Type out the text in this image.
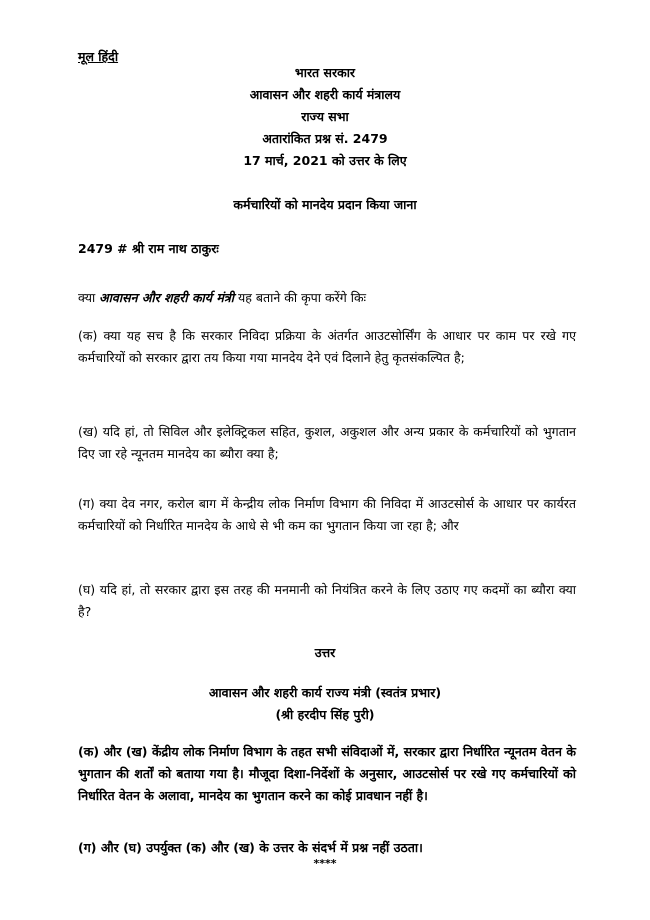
मूल हिंदी
भारत सरकार
आवासन और शहरी कार्य मंत्रालय
राज्य सभा
अतारांकित प्रश्न सं. 2479
17 मार्च, 2021 को उत्तर के लिए
कर्मचारियों को मानदेय प्रदान किया जाना
2479 # श्री राम नाथ ठाकुरः
क्या आवासन और शहरी कार्य मंत्री यह बताने की कृपा करेंगे किः
(क) क्या यह सच है कि सरकार निविदा प्रक्रिया के अंतर्गत आउटसोर्सिंग के आधार पर काम पर रखे गए कर्मचारियों को सरकार द्वारा तय किया गया मानदेय देने एवं दिलाने हेतु कृतसंकल्पित है;
(ख) यदि हां, तो सिविल और इलेक्ट्रिकल सहित, कुशल, अकुशल और अन्य प्रकार के कर्मचारियों को भुगतान दिए जा रहे न्यूनतम मानदेय का ब्यौरा क्या है;
(ग) क्या देव नगर, करोल बाग में केन्द्रीय लोक निर्माण विभाग की निविदा में आउटसोर्स के आधार पर कार्यरत कर्मचारियों को निर्धारित मानदेय के आधे से भी कम का भुगतान किया जा रहा है; और
(घ) यदि हां, तो सरकार द्वारा इस तरह की मनमानी को नियंत्रित करने के लिए उठाए गए कदमों का ब्यौरा क्या है?
उत्तर
आवासन और शहरी कार्य राज्य मंत्री (स्वतंत्र प्रभार)
(श्री हरदीप सिंह पुरी)
(क) और (ख) केंद्रीय लोक निर्माण विभाग के तहत सभी संविदाओं में, सरकार द्वारा निर्धारित न्यूनतम वेतन के भुगतान की शर्तों को बताया गया है। मौजूदा दिशा-निर्देशों के अनुसार, आउटसोर्स पर रखे गए कर्मचारियों को निर्धारित वेतन के अलावा, मानदेय का भुगतान करने का कोई प्रावधान नहीं है।
(ग) और (घ) उपर्युक्त (क) और (ख) के उत्तर के संदर्भ में प्रश्न नहीं उठता।
****
